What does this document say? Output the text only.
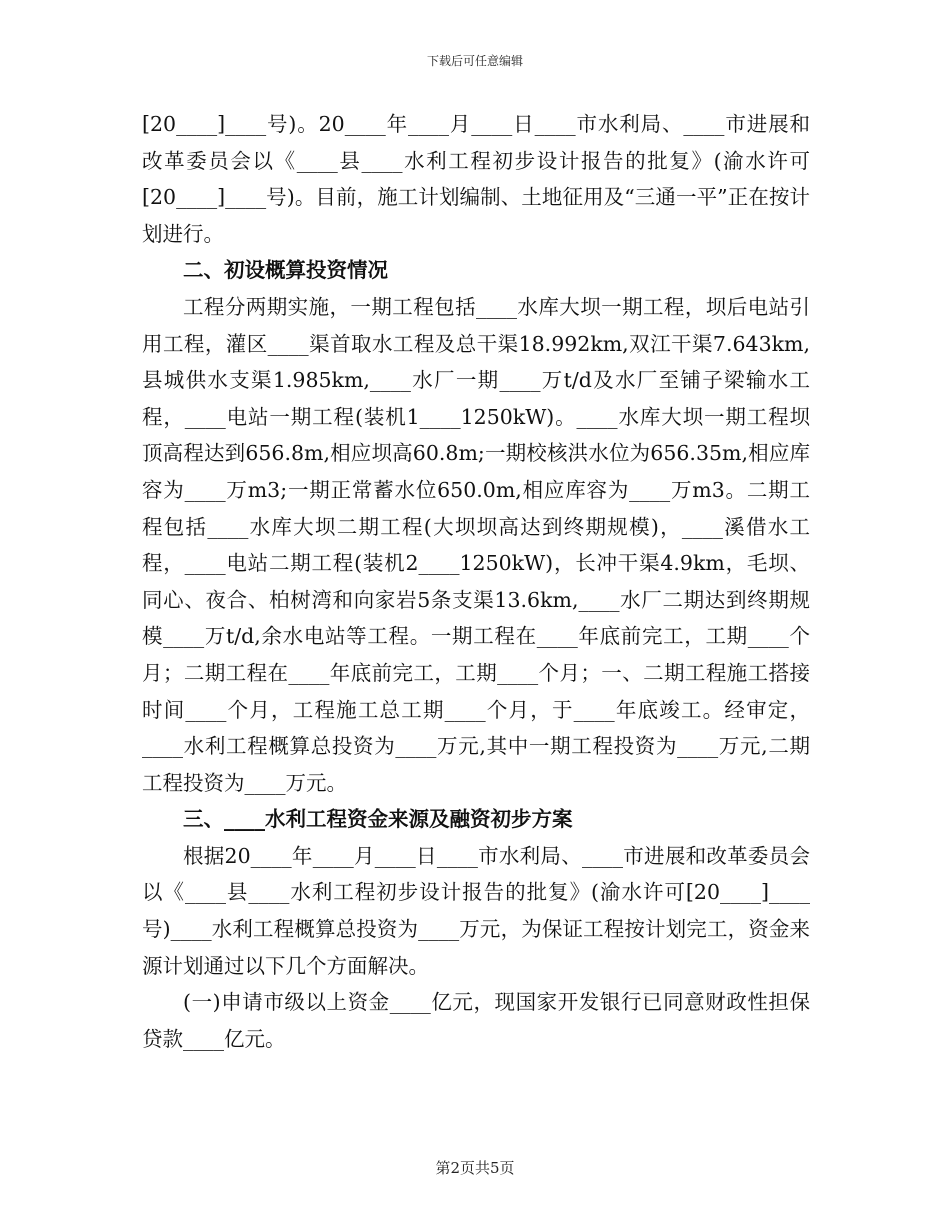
下载后可任意编辑

[20____]____号)。20____年____月____日____市水利局、____市进展和改革委员会以《____县____水利工程初步设计报告的批复》(渝水许可[20____]____号)。目前，施工计划编制、土地征用及“三通一平”正在按计划进行。

二、初设概算投资情况

工程分两期实施，一期工程包括____水库大坝一期工程，坝后电站引用工程，灌区____渠首取水工程及总干渠18.992km,双江干渠7.643km,县城供水支渠1.985km,____水厂一期____万t/d及水厂至铺子梁输水工程，____电站一期工程(装机1____1250kW)。____水库大坝一期工程坝顶高程达到656.8m,相应坝高60.8m;一期校核洪水位为656.35m,相应库容为____万m3;一期正常蓄水位650.0m,相应库容为____万m3。二期工程包括____水库大坝二期工程(大坝坝高达到终期规模)，____溪借水工程，____电站二期工程(装机2____1250kW)，长冲干渠4.9km，毛坝、同心、夜合、柏树湾和向家岩5条支渠13.6km,____水厂二期达到终期规模____万t/d,余水电站等工程。一期工程在____年底前完工，工期____个月；二期工程在____年底前完工，工期____个月；一、二期工程施工搭接时间____个月，工程施工总工期____个月，于____年底竣工。经审定，____水利工程概算总投资为____万元,其中一期工程投资为____万元,二期工程投资为____万元。

三、____水利工程资金来源及融资初步方案

根据20____年____月____日____市水利局、____市进展和改革委员会以《____县____水利工程初步设计报告的批复》(渝水许可[20____]____号)____水利工程概算总投资为____万元，为保证工程按计划完工，资金来源计划通过以下几个方面解决。

(一)申请市级以上资金____亿元，现国家开发银行已同意财政性担保贷款____亿元。

第2页共5页
